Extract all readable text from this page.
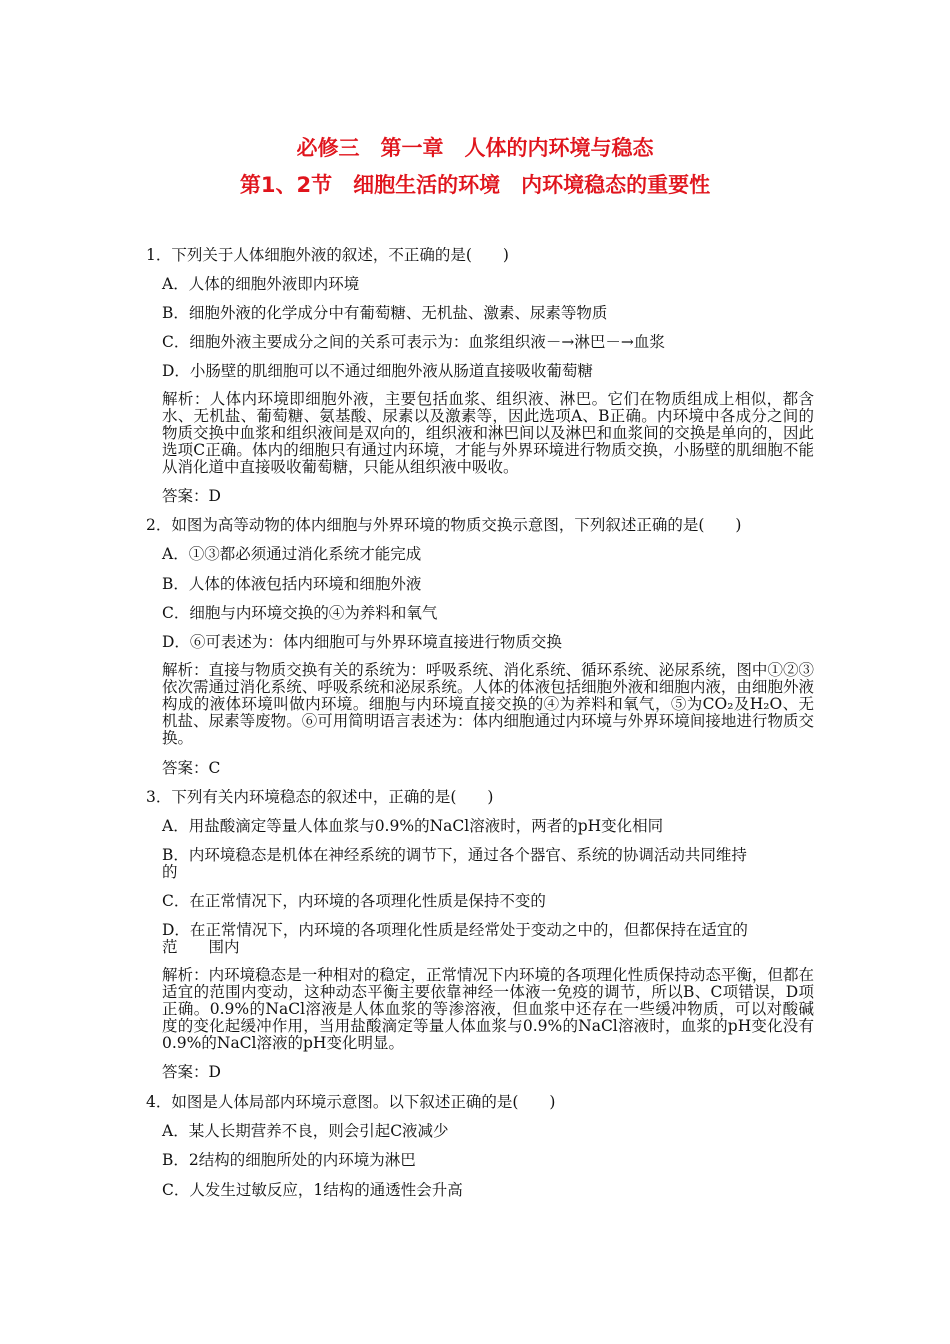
必修三　第一章　人体的内环境与稳态
第1、2节　细胞生活的环境　内环境稳态的重要性
1．下列关于人体细胞外液的叙述，不正确的是(　　)
A．人体的细胞外液即内环境
B．细胞外液的化学成分中有葡萄糖、无机盐、激素、尿素等物质
C．细胞外液主要成分之间的关系可表示为：血浆组织液－→淋巴－→血浆
D．小肠壁的肌细胞可以不通过细胞外液从肠道直接吸收葡萄糖
解析：人体内环境即细胞外液，主要包括血浆、组织液、淋巴。它们在物质组成上相似，都含水、无机盐、葡萄糖、氨基酸、尿素以及激素等，因此选项A、B正确。内环境中各成分之间的物质交换中血浆和组织液间是双向的，组织液和淋巴间以及淋巴和血浆间的交换是单向的，因此选项C正确。体内的细胞只有通过内环境，才能与外界环境进行物质交换，小肠壁的肌细胞不能从消化道中直接吸收葡萄糖，只能从组织液中吸收。
答案：D
2．如图为高等动物的体内细胞与外界环境的物质交换示意图，下列叙述正确的是(　　)
A．①③都必须通过消化系统才能完成
B．人体的体液包括内环境和细胞外液
C．细胞与内环境交换的④为养料和氧气
D．⑥可表述为：体内细胞可与外界环境直接进行物质交换
解析：直接与物质交换有关的系统为：呼吸系统、消化系统、循环系统、泌尿系统，图中①②③依次需通过消化系统、呼吸系统和泌尿系统。人体的体液包括细胞外液和细胞内液，由细胞外液构成的液体环境叫做内环境。细胞与内环境直接交换的④为养料和氧气，⑤为CO₂及H₂O、无机盐、尿素等废物。⑥可用简明语言表述为：体内细胞通过内环境与外界环境间接地进行物质交换。
答案：C
3．下列有关内环境稳态的叙述中，正确的是(　　)
A．用盐酸滴定等量人体血浆与0.9%的NaCl溶液时，两者的pH变化相同
B．内环境稳态是机体在神经系统的调节下，通过各个器官、系统的协调活动共同维持
的
C．在正常情况下，内环境的各项理化性质是保持不变的
D．在正常情况下，内环境的各项理化性质是经常处于变动之中的，但都保持在适宜的
范　　围内
解析：内环境稳态是一种相对的稳定，正常情况下内环境的各项理化性质保持动态平衡，但都在适宜的范围内变动，这种动态平衡主要依靠神经一体液一免疫的调节，所以B、C项错误，D项正确。0.9%的NaCl溶液是人体血浆的等渗溶液，但血浆中还存在一些缓冲物质，可以对酸碱度的变化起缓冲作用，当用盐酸滴定等量人体血浆与0.9%的NaCl溶液时，血浆的pH变化没有0.9%的NaCl溶液的pH变化明显。
答案：D
4．如图是人体局部内环境示意图。以下叙述正确的是(　　)
A．某人长期营养不良，则会引起C液减少
B．2结构的细胞所处的内环境为淋巴
C．人发生过敏反应，1结构的通透性会升高
